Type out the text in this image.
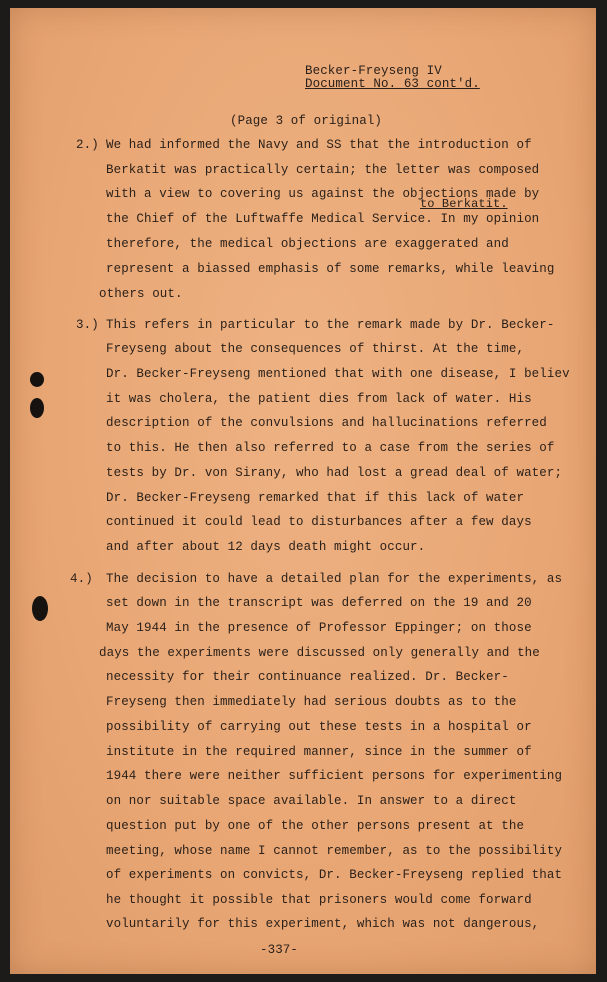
Becker-Freyseng IV
Document No. 63 cont'd.
(Page 3 of original)
2.) We had informed the Navy and SS that the introduction of
Berkatit was practically certain; the letter was composed
with a view to covering us against the objections made by
to Berkatit.
the Chief of the Luftwaffe Medical Service. In my opinion
therefore, the medical objections are exaggerated and
represent a biassed emphasis of some remarks, while leaving
others out.
3.) This refers in particular to the remark made by Dr. Becker-
Freyseng about the consequences of thirst. At the time,
Dr. Becker-Freyseng mentioned that with one disease, I believ
it was cholera, the patient dies from lack of water. His
description of the convulsions and hallucinations referred
to this. He then also referred to a case from the series of
tests by Dr. von Sirany, who had lost a gread deal of water;
Dr. Becker-Freyseng remarked that if this lack of water
continued it could lead to disturbances after a few days
and after about 12 days death might occur.
4.) The decision to have a detailed plan for the experiments, as
set down in the transcript was deferred on the 19 and 20
May 1944 in the presence of Professor Eppinger; on those
days the experiments were discussed only generally and the
necessity for their continuance realized. Dr. Becker-
Freyseng then immediately had serious doubts as to the
possibility of carrying out these tests in a hospital or
institute in the required manner, since in the summer of
1944 there were neither sufficient persons for experimenting
on nor suitable space available. In answer to a direct
question put by one of the other persons present at the
meeting, whose name I cannot remember, as to the possibility
of experiments on convicts, Dr. Becker-Freyseng replied that
he thought it possible that prisoners would come forward
voluntarily for this experiment, which was not dangerous,
-337-
